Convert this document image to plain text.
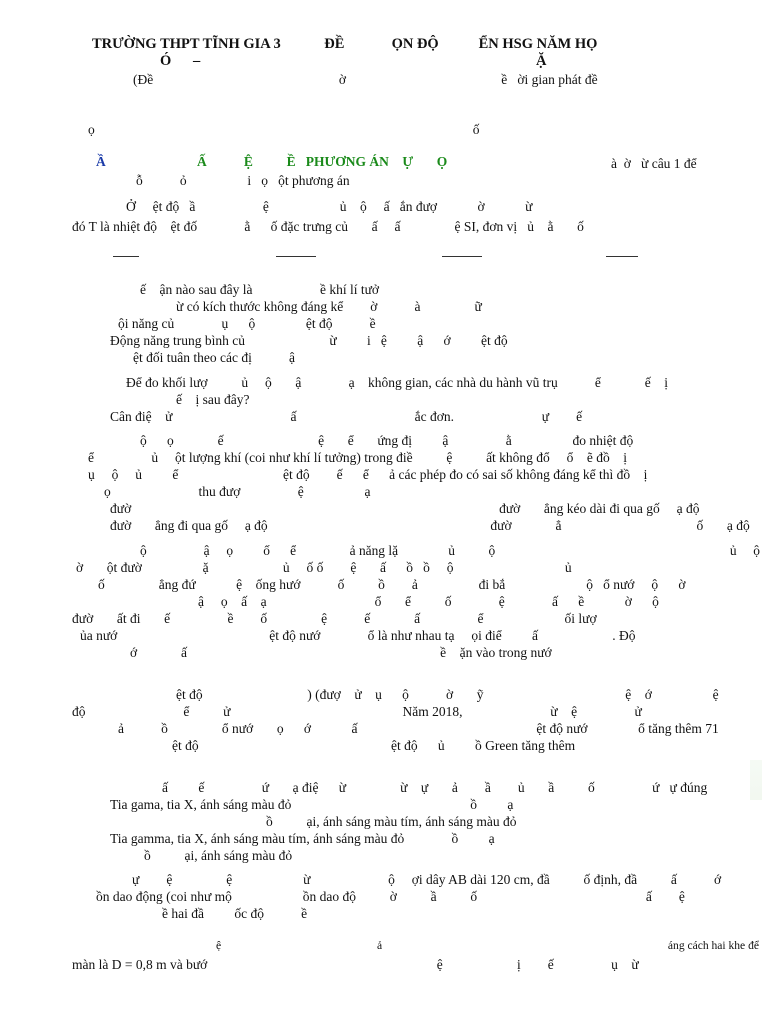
TRƯỜNG THPT TĨNH GIA 3            ĐỀ             ỌN ĐỘ           ỂN HSG NĂM HỌ
Ó      –	Ặ
(Đề                                                       ờ                                              ề   ời gian phát đề
ọ                                                                                                                ố
Ầ	Ấ           Ệ          Ề   PHƯƠNG ÁN    Ự       Ọ	à  ờ   ừ câu 1 để
ỗ           ỏ                  i   ọ   ột phương án
Ở     ệt độ   ầ                    ệ                     ủ    ộ     ấ   ắn đượ            ờ            ừ
đó T là nhiệt độ    ệt đố              ằ      ố đặc trưng củ       ấ     ấ                ệ SI, đơn vị   ủ    ằ       ố
ế    ận nào sau đây là                    ề khí lí tưở
ừ có kích thước không đáng kể        ờ           à                ữ
ội năng củ              ụ      ộ               ệt độ           ề
Động năng trung bình củ                         ừ         i   ệ         ậ      ớ         ệt độ
ệt đối tuân theo các đị           ậ
Để đo khối lượ          ủ     ộ       ậ              ạ    không gian, các nhà du hành vũ trụ           ể             ế    ị
ế    ị sau đây?
Cân điệ    ử                                   ấ                                   ắc đơn.                          ự        ế
ộ      ọ             ế                            ệ       ể       ứng đị         ậ                 ằ                  đo nhiệt độ
ể                 ủ     ột lượng khí (coi như khí lí tưởng) trong điề          ệ          ất không đổ     ổ    ẽ đồ    ị
ụ     ộ     ủ         ể                               ệt độ        ế      ể      ả các phép đo có sai số không đáng kể thì đồ    ị
ọ                          thu đượ                 ệ                  ạ
đườ                                                                                                             đườ       ẳng kéo dài đi qua gố     ạ độ
đườ       ẳng đi qua gố     ạ độ                                                                  đườ             ẳ                                        ố       ạ độ
ộ                 ậ     ọ         ố      ể                ả năng lặ               ủ          ộ                                                                      ủ     ộ
ờ       ột đườ                  ặ                      ủ     ố ố        ệ       ấ      ồ   ồ     ộ                                 ủ
ố                ẳng đứ            ệ    ống hướ           ố          ồ        ả                  đi bắ                        ộ   ổ nướ     ộ      ờ
ậ     ọ    ấ    ạ                                ổ       ể          ố              ệ              ấ      ề            ờ      ộ
đườ       ất đi       ế                 ề        ố                ệ           ế             ấ                 ể                        ối lượ
ủa nướ                                             ệt độ nướ              ổ là như nhau tạ     ọi điể         ấ                      . Độ
ớ             ấ                                                                           ề    ặn vào trong nướ
ệt độ                               ) (đượ    ử    ụ      ộ           ờ       ỹ                                          ệ    ớ                  ệ
độ                             ể          ử                                                   Năm 2018,                          ừ    ệ                 ử
ả           ồ                ổ nướ       ọ      ớ            ấ                                                     ệt độ nướ               ổ tăng thêm 71
ệt độ                                                         ệt độ      ủ         ồ Green tăng thêm
ấ         ế                 ứ       ạ điệ      ừ                ừ    ự       ả        ầ        ủ       ầ          ố                 ứ   ự đúng
Tia gama, tia X, ánh sáng màu đỏ                                                     ồ         ạ
ồ          ại, ánh sáng màu tím, ánh sáng màu đỏ
Tia gamma, tia X, ánh sáng màu tím, ánh sáng màu đỏ              ồ         ạ
ồ          ại, ánh sáng màu đỏ
ự        ệ                ệ                     ừ                       ộ     ợi dây AB dài 120 cm, đầ          ố định, đầ          ấ           ớ
ồn dao động (coi như mộ                     ồn dao độ          ờ          ầ          ố                                                  ấ        ệ
ề hai đầ         ốc độ           ề
ệ                                                      ả                                                                                                   áng cách hai khe để
màn là D = 0,8 m và bướ                                                                    ệ                      ị        ế                 ụ    ừ
